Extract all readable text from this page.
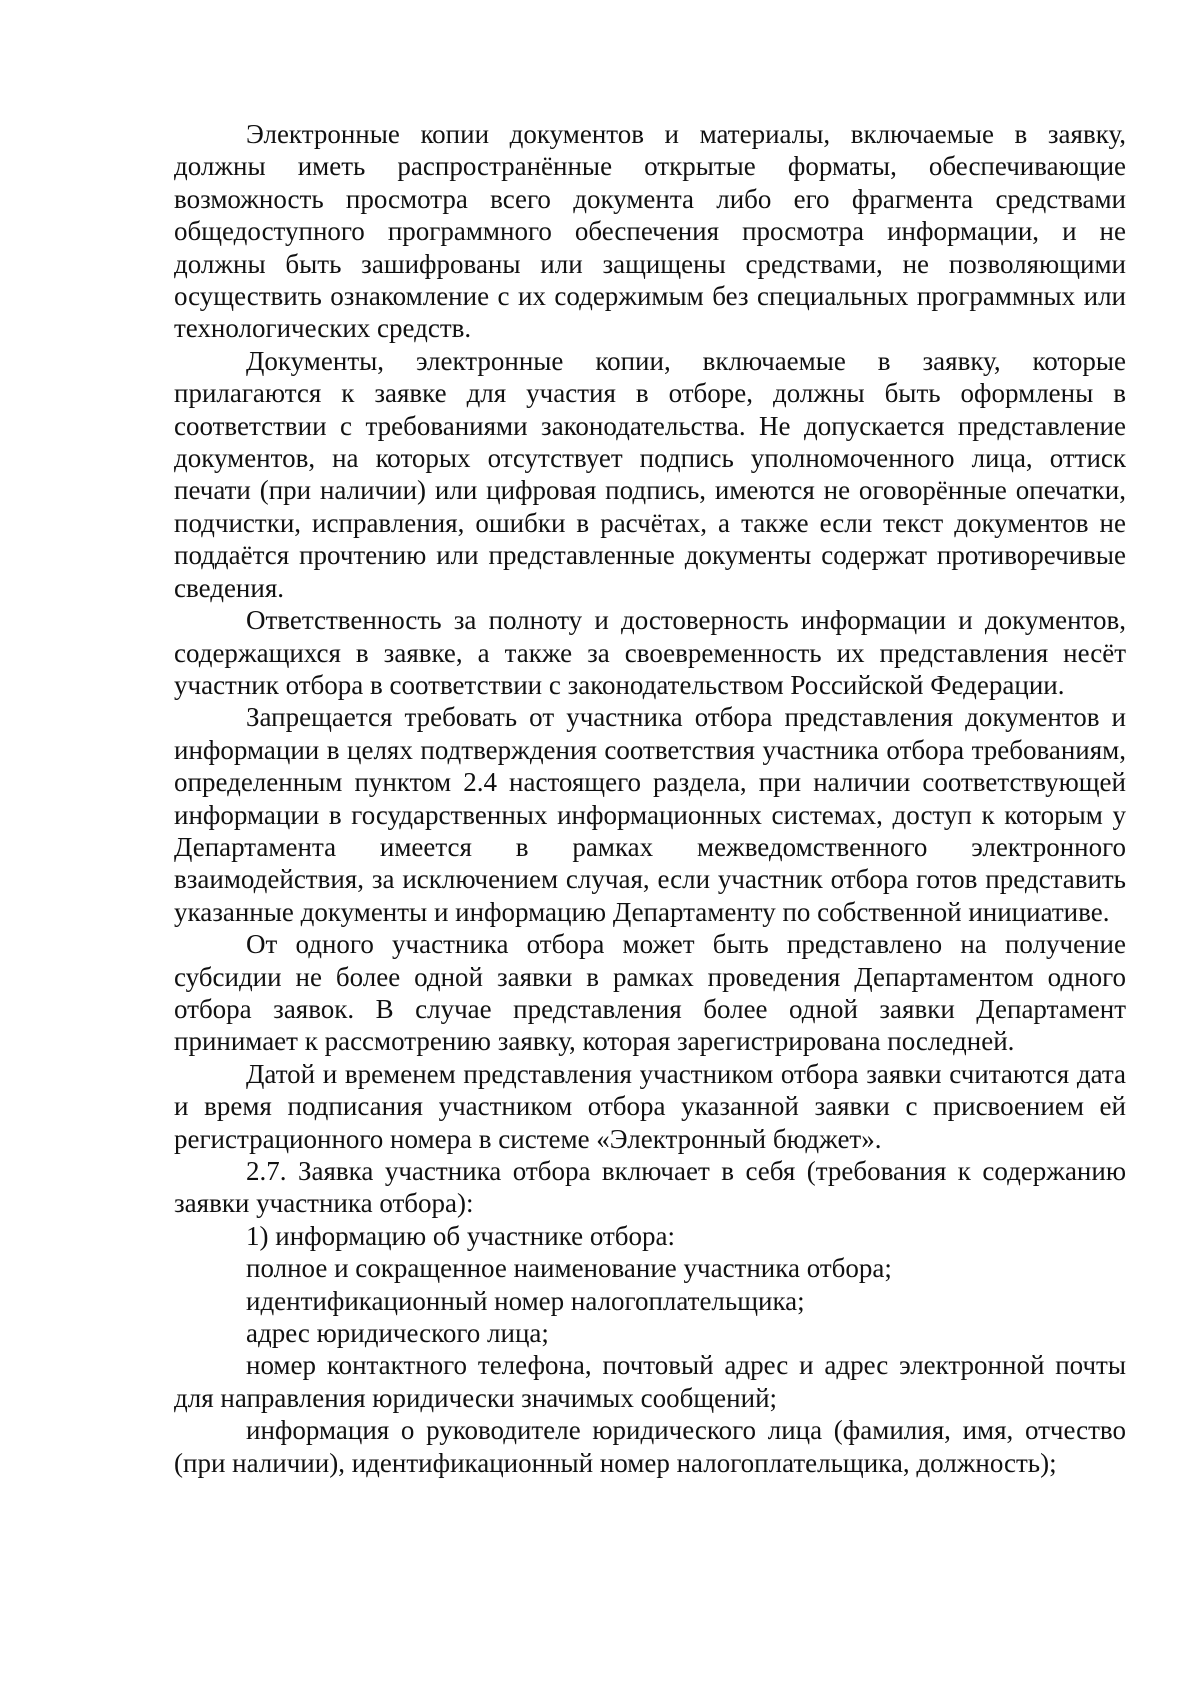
Электронные копии документов и материалы, включаемые в заявку, должны иметь распространённые открытые форматы, обеспечивающие возможность просмотра всего документа либо его фрагмента средствами общедоступного программного обеспечения просмотра информации, и не должны быть зашифрованы или защищены средствами, не позволяющими осуществить ознакомление с их содержимым без специальных программных или технологических средств.

Документы, электронные копии, включаемые в заявку, которые прилагаются к заявке для участия в отборе, должны быть оформлены в соответствии с требованиями законодательства. Не допускается представление документов, на которых отсутствует подпись уполномоченного лица, оттиск печати (при наличии) или цифровая подпись, имеются не оговорённые опечатки, подчистки, исправления, ошибки в расчётах, а также если текст документов не поддаётся прочтению или представленные документы содержат противоречивые сведения.

Ответственность за полноту и достоверность информации и документов, содержащихся в заявке, а также за своевременность их представления несёт участник отбора в соответствии с законодательством Российской Федерации.

Запрещается требовать от участника отбора представления документов и информации в целях подтверждения соответствия участника отбора требованиям, определенным пунктом 2.4 настоящего раздела, при наличии соответствующей информации в государственных информационных системах, доступ к которым у Департамента имеется в рамках межведомственного электронного взаимодействия, за исключением случая, если участник отбора готов представить указанные документы и информацию Департаменту по собственной инициативе.

От одного участника отбора может быть представлено на получение субсидии не более одной заявки в рамках проведения Департаментом одного отбора заявок. В случае представления более одной заявки Департамент принимает к рассмотрению заявку, которая зарегистрирована последней.

Датой и временем представления участником отбора заявки считаются дата и время подписания участником отбора указанной заявки с присвоением ей регистрационного номера в системе «Электронный бюджет».

2.7. Заявка участника отбора включает в себя (требования к содержанию заявки участника отбора):

1) информацию об участнике отбора:

полное и сокращенное наименование участника отбора;

идентификационный номер налогоплательщика;

адрес юридического лица;

номер контактного телефона, почтовый адрес и адрес электронной почты для направления юридически значимых сообщений;

информация о руководителе юридического лица (фамилия, имя, отчество (при наличии), идентификационный номер налогоплательщика, должность);
